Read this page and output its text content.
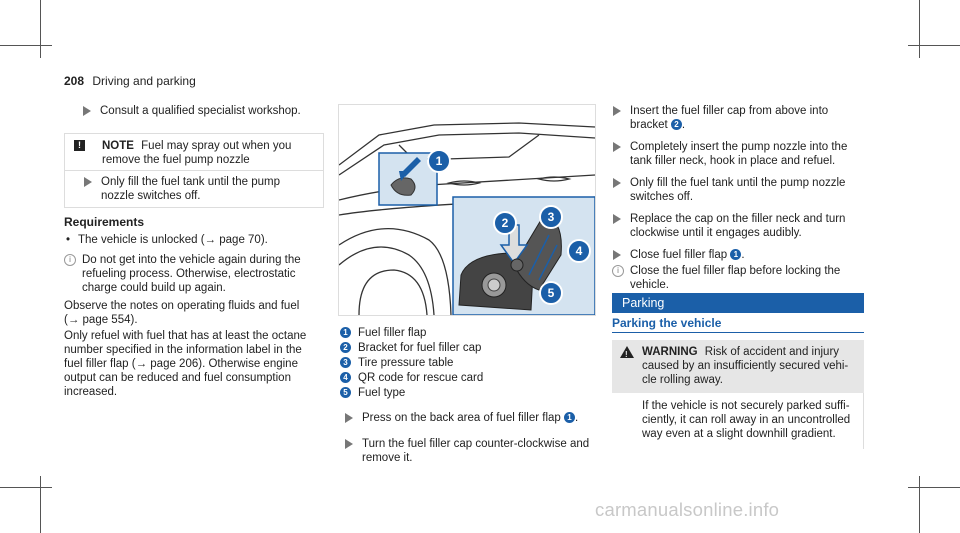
208 Driving and parking
Consult a qualified specialist workshop.
!	NOTE Fuel may spray out when you
remove the fuel pump nozzle
Only fill the fuel tank until the pump
nozzle switches off.
Requirements
• The vehicle is unlocked (→ page 70).
i Do not get into the vehicle again during the
refueling process. Otherwise, electrostatic
charge could build up again.
Observe the notes on operating fluids and fuel
(→ page 554).
Only refuel with fuel that has at least the octane
number specified in the information label in the
fuel filler flap (→ page 206). Otherwise engine
output can be reduced and fuel consumption
increased.
1
2	3
4
5
1 Fuel filler flap
2 Bracket for fuel filler cap
3 Tire pressure table
4 QR code for rescue card
5 Fuel type
Press on the back area of fuel filler flap 1 .
Turn the fuel filler cap counter-clockwise and
remove it.
Insert the fuel filler cap from above into
bracket 2 .
Completely insert the pump nozzle into the
tank filler neck, hook in place and refuel.
Only fill the fuel tank until the pump nozzle
switches off.
Replace the cap on the filler neck and turn
clockwise until it engages audibly.
Close fuel filler flap 1 .
i Close the fuel filler flap before locking the
vehicle.
Parking
Parking the vehicle
! WARNING Risk of accident and injury
caused by an insufficiently secured vehi-
cle rolling away.
If the vehicle is not securely parked suffi-
ciently, it can roll away in an uncontrolled
way even at a slight downhill gradient.
carmanualsonline.info
